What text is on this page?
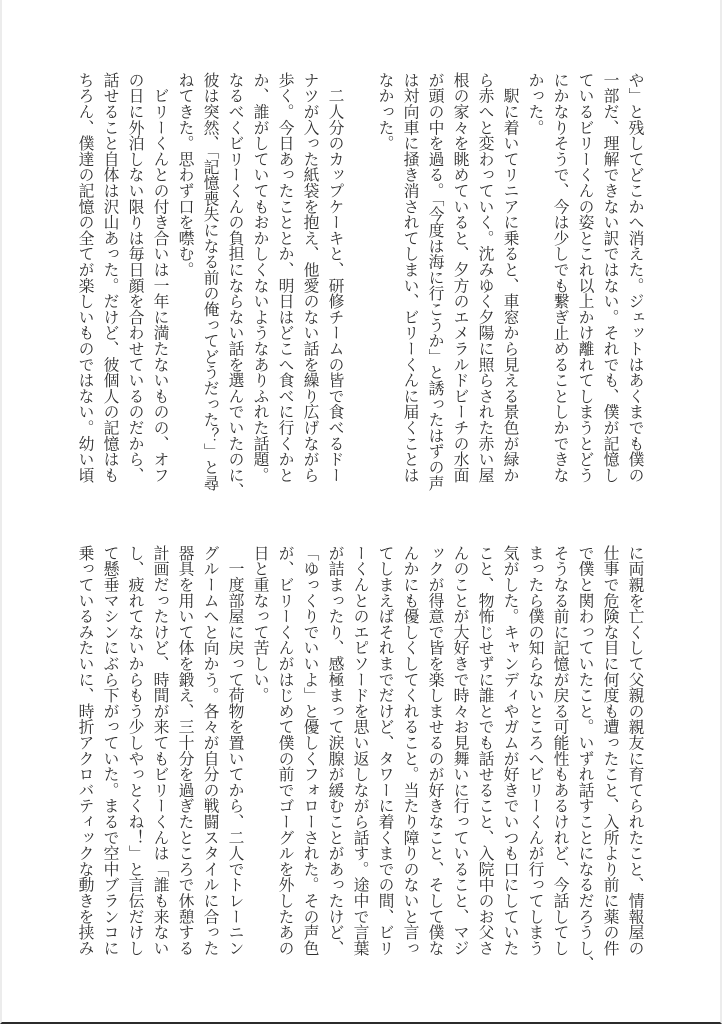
や」と残してどこかへ消えた。ジェットはあくまでも僕の
一部だ、理解できない訳ではない。それでも、僕が記憶し
ているビリーくんの姿とこれ以上かけ離れてしまうとどう
にかなりそうで、今は少しでも繋ぎ止めることしかできな
かった。
　駅に着いてリニアに乗ると、車窓から見える景色が緑か
ら赤へと変わっていく。沈みゆく夕陽に照らされた赤い屋
根の家々を眺めていると、夕方のエメラルドビーチの水面
が頭の中を過る。「今度は海に行こうか」と誘ったはずの声
は対向車に掻き消されてしまい、ビリーくんに届くことは
なかった。
　二人分のカップケーキと、研修チームの皆で食べるドー
ナツが入った紙袋を抱え、他愛のない話を繰り広げながら
歩く。今日あったこととか、明日はどこへ食べに行くかと
か、誰がしていてもおかしくないようなありふれた話題。
なるべくビリーくんの負担にならない話を選んでいたのに、
彼は突然、「記憶喪失になる前の俺ってどうだった？」と尋
ねてきた。思わず口を噤む。
　ビリーくんとの付き合いは一年に満たないものの、オフ
の日に外泊しない限りは毎日顔を合わせているのだから、
話せること自体は沢山あった。だけど、彼個人の記憶はも
ちろん、僕達の記憶の全てが楽しいものではない。幼い頃
に両親を亡くして父親の親友に育てられたこと、情報屋の
仕事で危険な目に何度も遭ったこと、入所より前に薬の件
で僕と関わっていたこと。いずれ話すことになるだろうし、
そうなる前に記憶が戻る可能性もあるけれど、今話してし
まったら僕の知らないところへビリーくんが行ってしまう
気がした。キャンディやガムが好きでいつも口にしていた
こと、物怖じせずに誰とでも話せること、入院中のお父さ
んのことが大好きで時々お見舞いに行っていること、マジ
ックが得意で皆を楽しませるのが好きなこと、そして僕な
んかにも優しくしてくれること。当たり障りのないと言っ
てしまえばそれまでだけど、タワーに着くまでの間、ビリ
ーくんとのエピソードを思い返しながら話す。途中で言葉
が詰まったり、感極まって涙腺が緩むことがあったけど、
「ゆっくりでいいよ」と優しくフォローされた。その声色
が、ビリーくんがはじめて僕の前でゴーグルを外したあの
日と重なって苦しい。
　一度部屋に戻って荷物を置いてから、二人でトレーニン
グルームへと向かう。各々が自分の戦闘スタイルに合った
器具を用いて体を鍛え、三十分を過ぎたところで休憩する
計画だったけど、時間が来てもビリーくんは「誰も来ない
し、疲れてないからもう少しやっとくね！」と言伝だけし
て懸垂マシンにぶら下がっていた。まるで空中ブランコに
乗っているみたいに、時折アクロバティックな動きを挟み
